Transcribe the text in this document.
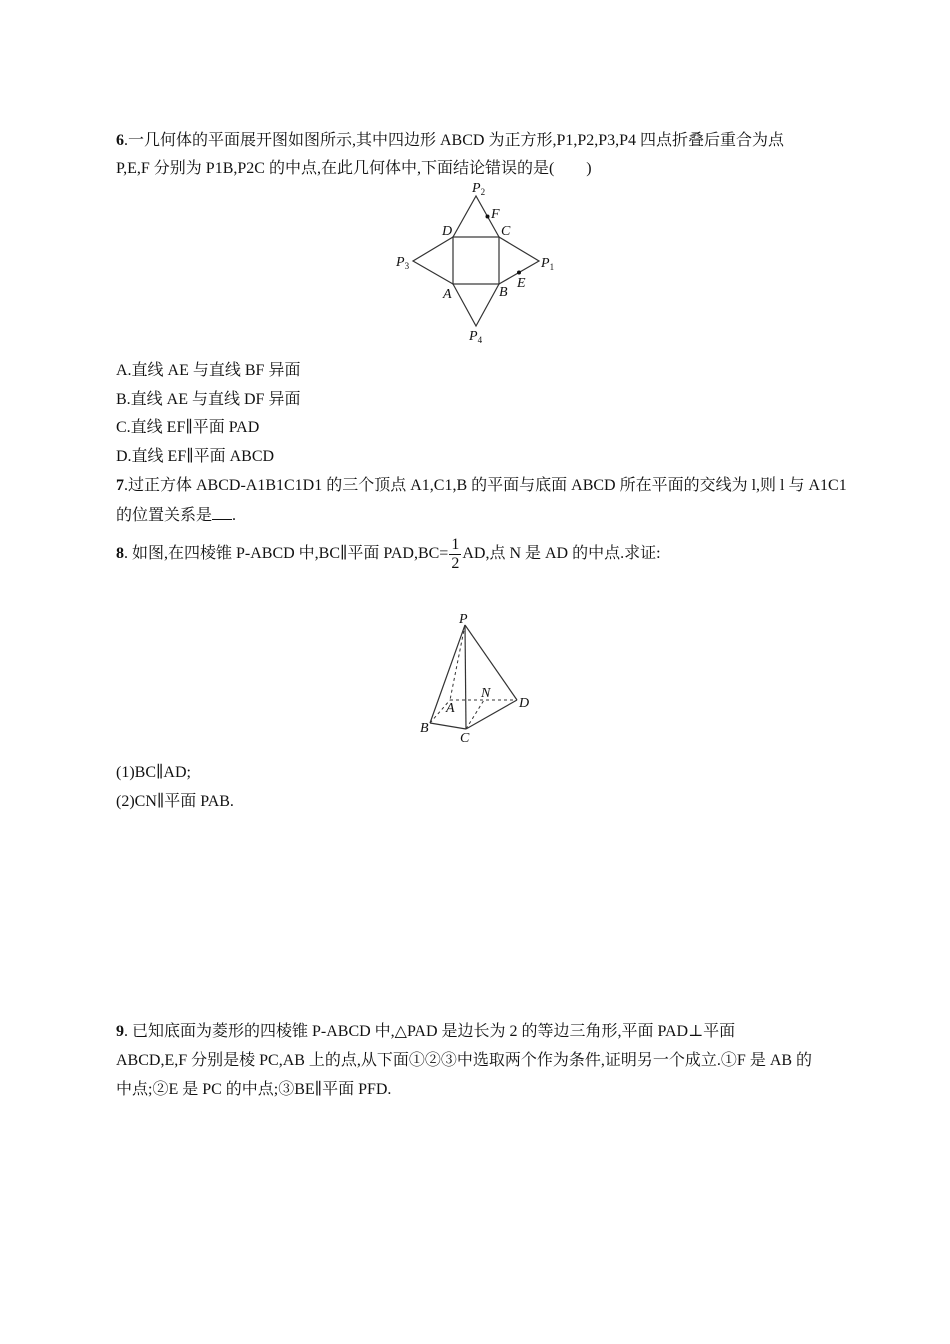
6.一几何体的平面展开图如图所示,其中四边形 ABCD 为正方形,P1,P2,P3,P4 四点折叠后重合为点
P,E,F 分别为 P1B,P2C 的中点,在此几何体中,下面结论错误的是(　　)
$P_2$
F
D	C
$P_1$
$P_3$
A	B
E
$P_4$
A.直线 AE 与直线 BF 异面
B.直线 AE 与直线 DF 异面
C.直线 EF∥平面 PAD
D.直线 EF∥平面 ABCD
7.过正方体 ABCD-A1B1C1D1 的三个顶点 A1,C1,B 的平面与底面 ABCD 所在平面的交线为 l,则 l 与 A1C1
的位置关系是 .
8. 如图,在四棱锥 P-ABCD 中,BC∥平面 $PAD,BC= \frac{1}{2}$ AD,点 N 是 AD 的中点.求证:
P
A
N
D
B
C
(1)BC∥AD;
(2)CN∥平面 PAB.
9. 已知底面为菱形的四棱锥 P-ABCD 中,△PAD 是边长为 2 的等边三角形,平面 PAD⊥平面
ABCD,E,F 分别是棱 PC,AB 上的点,从下面①②③中选取两个作为条件,证明另一个成立.①F 是 AB 的
中点;②E 是 PC 的中点;③BE∥平面 PFD.
